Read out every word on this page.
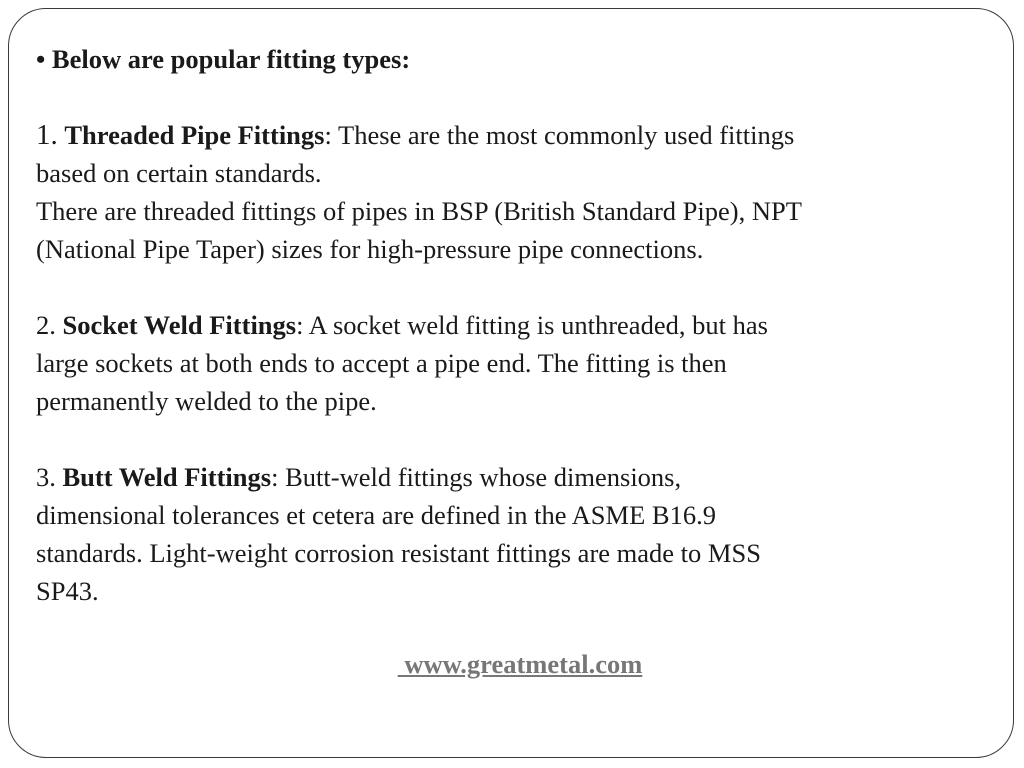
• Below are popular fitting types:

1. Threaded Pipe Fittings: These are the most commonly used fittings
based on certain standards.
There are threaded fittings of pipes in BSP (British Standard Pipe), NPT
(National Pipe Taper) sizes for high-pressure pipe connections.
2. Socket Weld Fittings: A socket weld fitting is unthreaded, but has
large sockets at both ends to accept a pipe end. The fitting is then
permanently welded to the pipe.
3. Butt Weld Fittings: Butt-weld fittings whose dimensions,
dimensional tolerances et cetera are defined in the ASME B16.9
standards. Light-weight corrosion resistant fittings are made to MSS
SP43.
www.greatmetal.com
